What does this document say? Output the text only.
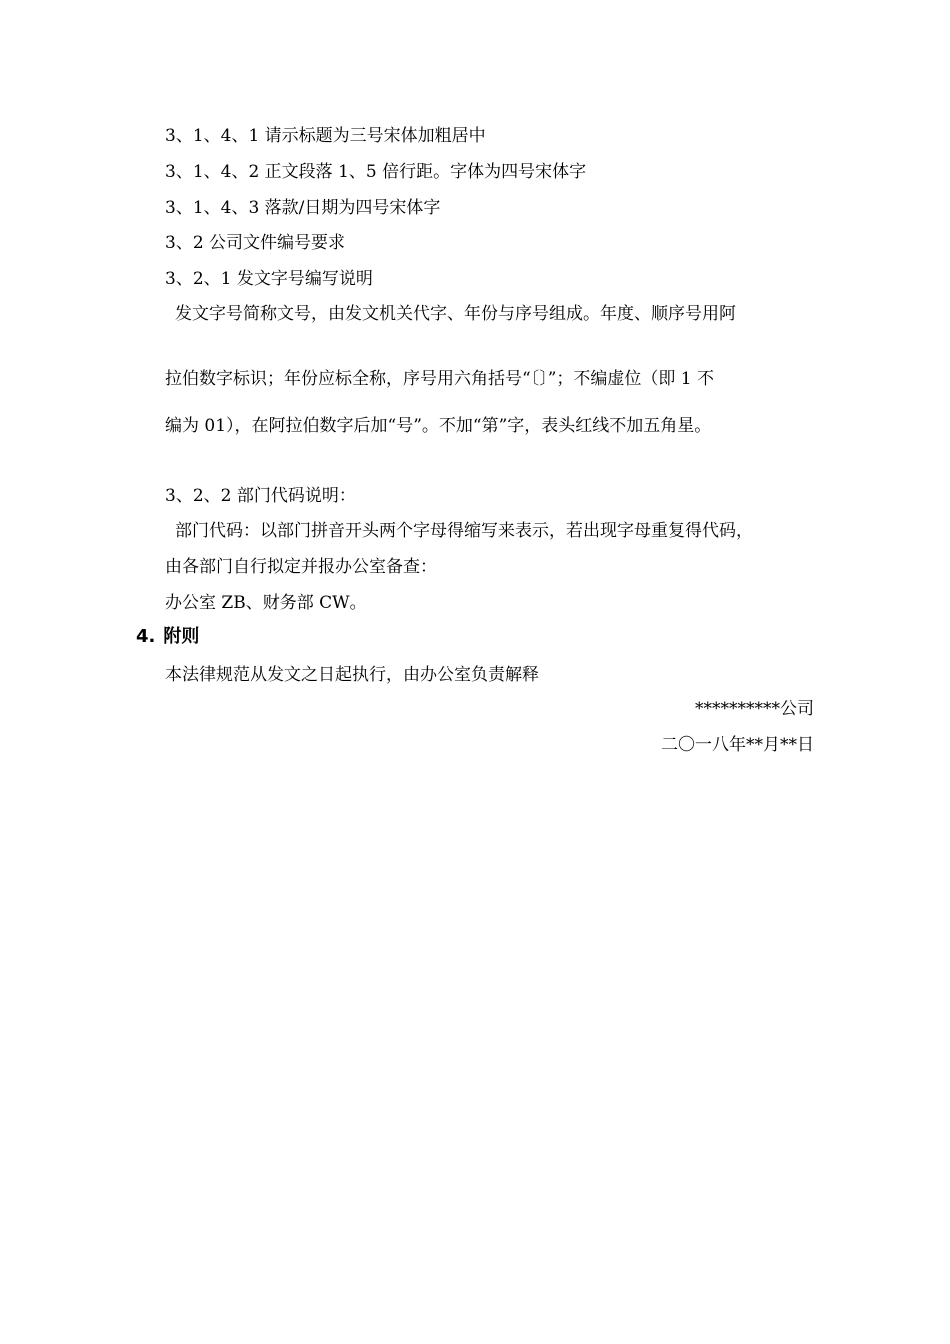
3、1、4、1 请示标题为三号宋体加粗居中
3、1、4、2 正文段落 1、5 倍行距。字体为四号宋体字
3、1、4、3 落款/日期为四号宋体字
3、2 公司文件编号要求
3、2、1 发文字号编写说明
发文字号简称文号，由发文机关代字、年份与序号组成。年度、顺序号用阿
拉伯数字标识；年份应标全称，序号用六角括号“〔〕”；不编虚位（即 1 不
编为 01），在阿拉伯数字后加“号”。不加“第”字，表头红线不加五角星。
3、2、2 部门代码说明：
部门代码：以部门拼音开头两个字母得缩写来表示，若出现字母重复得代码，
由各部门自行拟定并报办公室备查：
办公室 ZB、财务部 CW。
4. 附则
本法律规范从发文之日起执行，由办公室负责解释
**********公司
二〇一八年**月**日
